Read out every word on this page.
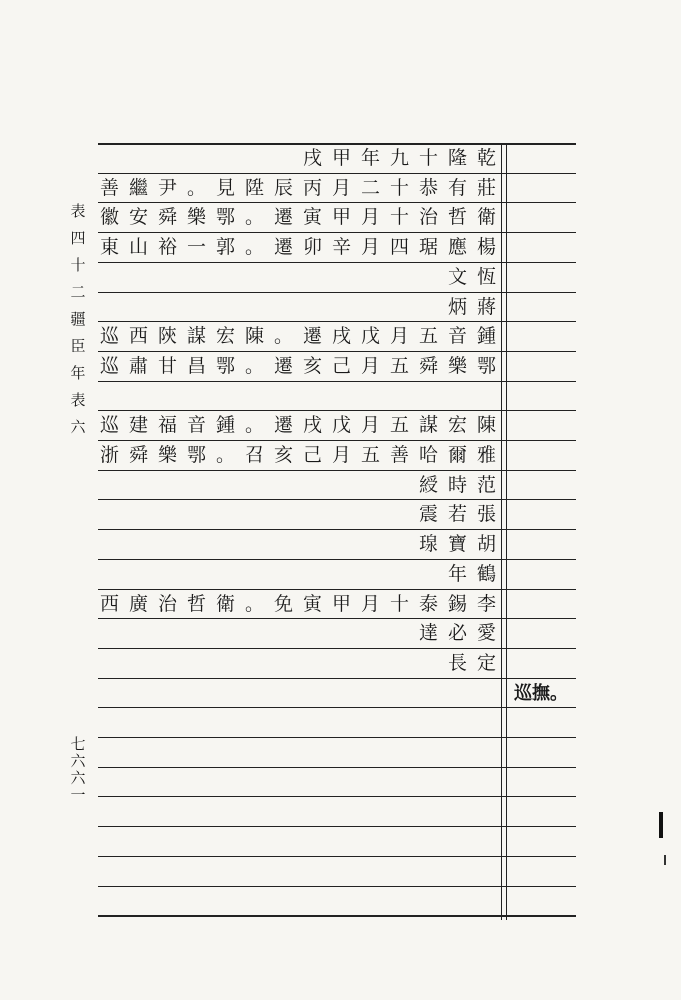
表
四
十
二
疆
臣
年
表
六
七
六
六
一
巡撫。
乾
隆
十
九
年
甲
戌
莊
有
恭
十
二
月
丙
辰
陞
見
。
尹
繼
善
衛
哲
治
十
月
甲
寅
遷
。
鄂
樂
舜
安
徽
楊
應
琚
四
月
辛
卯
遷
。
郭
一
裕
山
東
恆
文
蔣
炳
鍾
音
五
月
戊
戌
遷
。
陳
宏
謀
陝
西
巡
鄂
樂
舜
五
月
己
亥
遷
。
鄂
昌
甘
肅
巡
陳
宏
謀
五
月
戊
戌
遷
。
鍾
音
福
建
巡
雅
爾
哈
善
五
月
己
亥
召
。
鄂
樂
舜
浙
范
時
綬
張
若
震
胡
寶
瑔
鶴
年
李
錫
泰
十
月
甲
寅
免
。
衛
哲
治
廣
西
愛
必
達
定
長
